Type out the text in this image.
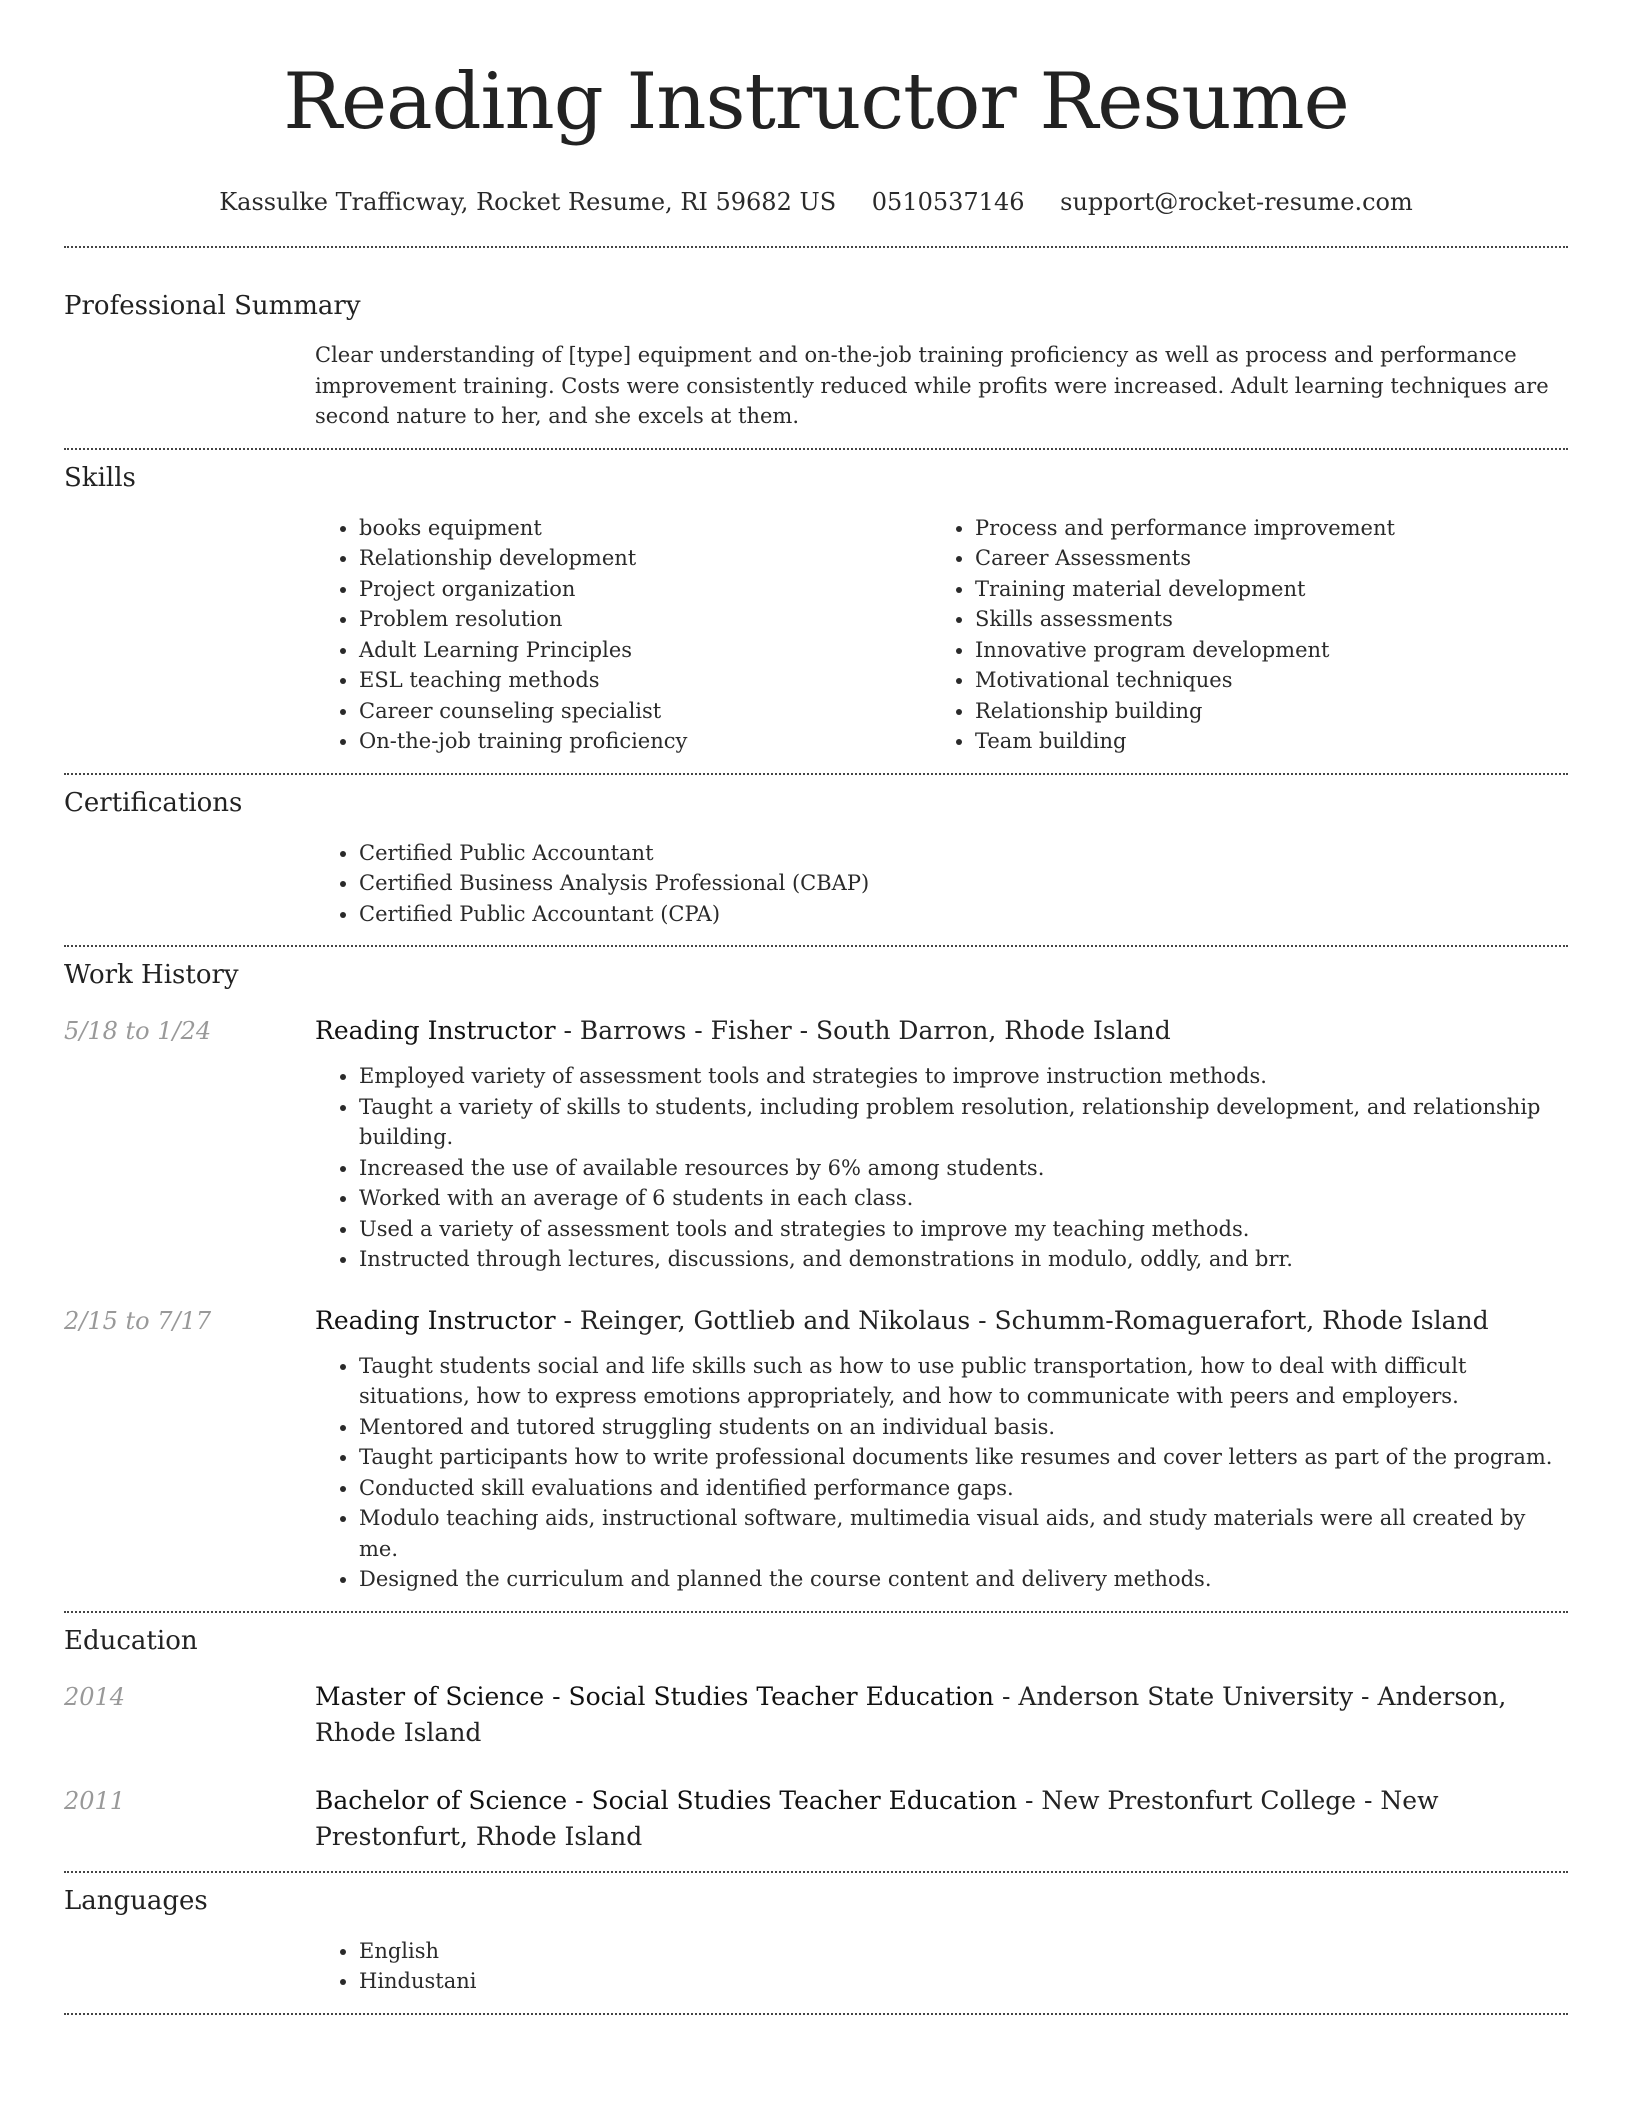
Reading Instructor Resume
Kassulke Trafficway, Rocket Resume, RI 59682 US 0510537146 support@rocket-resume.com
Professional Summary

Clear understanding of [type] equipment and on-the-job training proficiency as well as process and performance improvement training. Costs were consistently reduced while profits were increased. Adult learning techniques are second nature to her, and she excels at them.

Skills
• books equipment
• Relationship development
• Project organization
• Problem resolution
• Adult Learning Principles
• ESL teaching methods
• Career counseling specialist
• On-the-job training proficiency
• Process and performance improvement
• Career Assessments
• Training material development
• Skills assessments
• Innovative program development
• Motivational techniques
• Relationship building
• Team building
Certifications
• Certified Public Accountant
• Certified Business Analysis Professional (CBAP)
• Certified Public Accountant (CPA)
Work History
5/18 to 1/24	Reading Instructor - Barrows - Fisher - South Darron, Rhode Island
• Employed variety of assessment tools and strategies to improve instruction methods.
• Taught a variety of skills to students, including problem resolution, relationship development, and relationship building.
• Increased the use of available resources by 6% among students.
• Worked with an average of 6 students in each class.
• Used a variety of assessment tools and strategies to improve my teaching methods.
• Instructed through lectures, discussions, and demonstrations in modulo, oddly, and brr.
2/15 to 7/17	Reading Instructor - Reinger, Gottlieb and Nikolaus - Schumm-Romaguerafort, Rhode Island
• Taught students social and life skills such as how to use public transportation, how to deal with difficult situations, how to express emotions appropriately, and how to communicate with peers and employers.
• Mentored and tutored struggling students on an individual basis.
• Taught participants how to write professional documents like resumes and cover letters as part of the program.
• Conducted skill evaluations and identified performance gaps.
• Modulo teaching aids, instructional software, multimedia visual aids, and study materials were all created by me.
• Designed the curriculum and planned the course content and delivery methods.
Education
2014	Master of Science - Social Studies Teacher Education - Anderson State University - Anderson, Rhode Island
2011	Bachelor of Science - Social Studies Teacher Education - New Prestonfurt College - New Prestonfurt, Rhode Island
Languages
• English
• Hindustani
